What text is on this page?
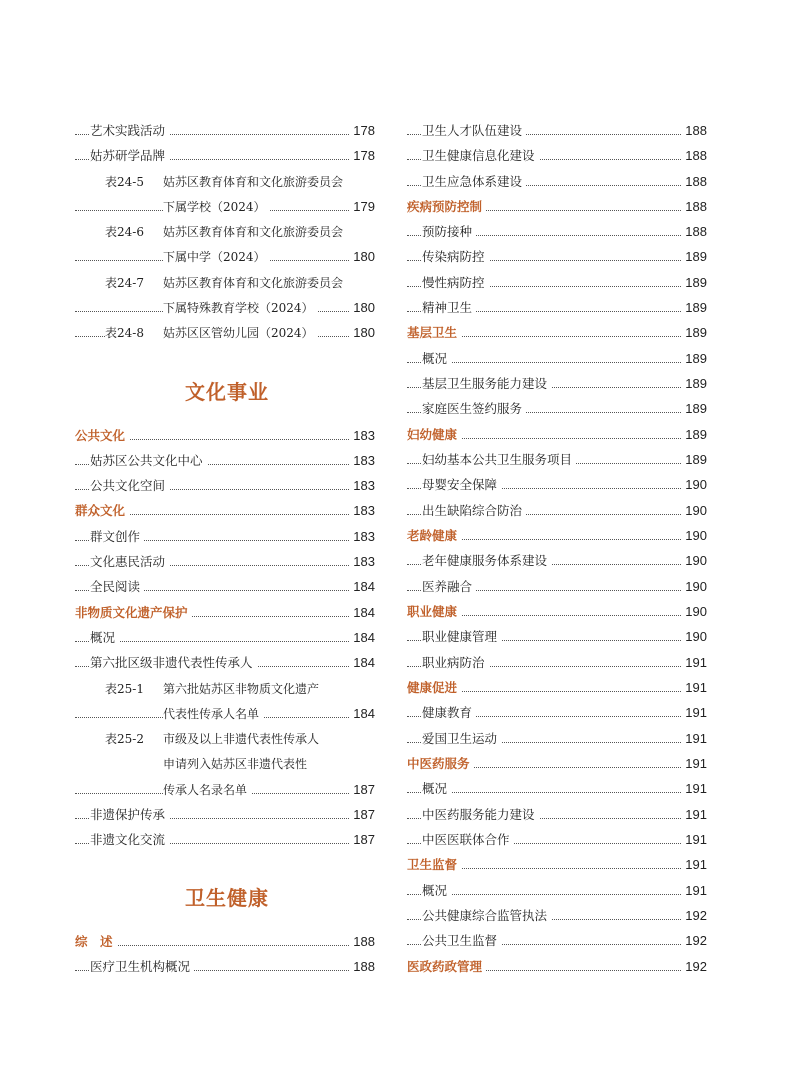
艺术实践活动	178
姑苏研学品牌	178
表24-5 姑苏区教育体育和文化旅游委员会
下属学校（2024）	179
表24-6 姑苏区教育体育和文化旅游委员会
下属中学（2024）	180
表24-7 姑苏区教育体育和文化旅游委员会
下属特殊教育学校（2024）	180
表24-8 姑苏区区管幼儿园（2024）	180
文化事业
公共文化	183
姑苏区公共文化中心	183
公共文化空间	183
群众文化	183
群文创作	183
文化惠民活动	183
全民阅读	184
非物质文化遗产保护	184
概况	184
第六批区级非遗代表性传承人	184
表25-1 第六批姑苏区非物质文化遗产
代表性传承人名单	184
表25-2 市级及以上非遗代表性传承人
申请列入姑苏区非遗代表性
传承人名录名单	187
非遗保护传承	187
非遗文化交流	187
卫生健康
综　述	188
医疗卫生机构概况	188
卫生人才队伍建设	188
卫生健康信息化建设	188
卫生应急体系建设	188
疾病预防控制	188
预防接种	188
传染病防控	189
慢性病防控	189
精神卫生	189
基层卫生	189
概况	189
基层卫生服务能力建设	189
家庭医生签约服务	189
妇幼健康	189
妇幼基本公共卫生服务项目	189
母婴安全保障	190
出生缺陷综合防治	190
老龄健康	190
老年健康服务体系建设	190
医养融合	190
职业健康	190
职业健康管理	190
职业病防治	191
健康促进	191
健康教育	191
爱国卫生运动	191
中医药服务	191
概况	191
中医药服务能力建设	191
中医医联体合作	191
卫生监督	191
概况	191
公共健康综合监管执法	192
公共卫生监督	192
医政药政管理	192
